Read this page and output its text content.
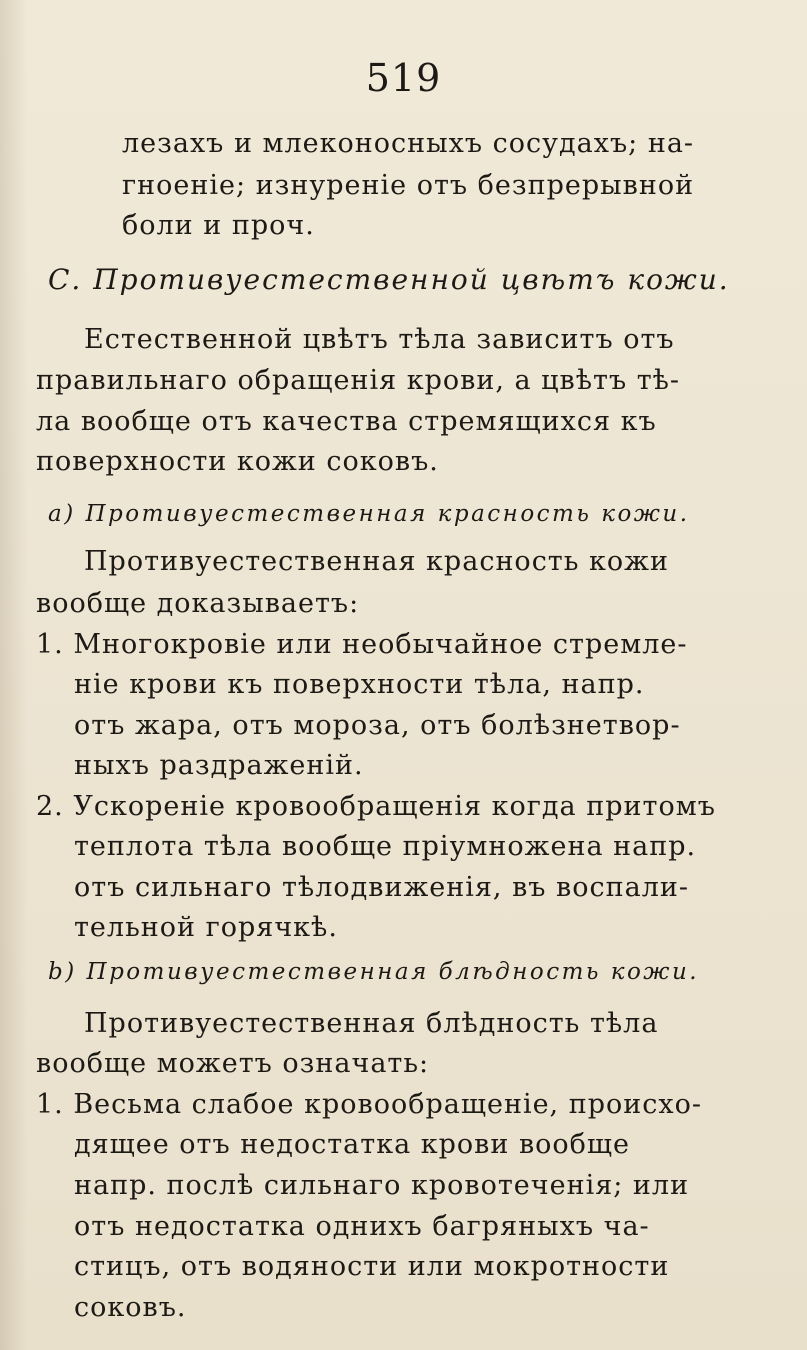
519
лезахъ и млеконосныхъ сосудахъ; на-
гноеніе; изнуреніе отъ безпрерывной
боли и проч.
С. Противуестественной цвѣтъ кожи.
Естественной цвѣтъ тѣла зависитъ отъ
правильнаго обращенія крови, а цвѣтъ тѣ-
ла вообще отъ качества стремящихся къ
поверхности кожи соковъ.
a) Противуестественная красность кожи.
Противуестественная красность кожи
вообще доказываетъ:
1. Многокровіе или необычайное стремле-
ніе крови къ поверхности тѣла, напр.
отъ жара, отъ мороза, отъ болѣзнетвор-
ныхъ раздраженій.
2. Ускореніе кровообращенія когда притомъ
теплота тѣла вообще пріумножена напр.
отъ сильнаго тѣлодвиженія, въ воспали-
тельной горячкѣ.
b) Противуестественная блѣдность кожи.
Противуестественная блѣдность тѣла
вообще можетъ означать:
1. Весьма слабое кровообращеніе, происхо-
дящее отъ недостатка крови вообще
напр. послѣ сильнаго кровотеченія; или
отъ недостатка однихъ багряныхъ ча-
стицъ, отъ водяности или мокротности
соковъ.
